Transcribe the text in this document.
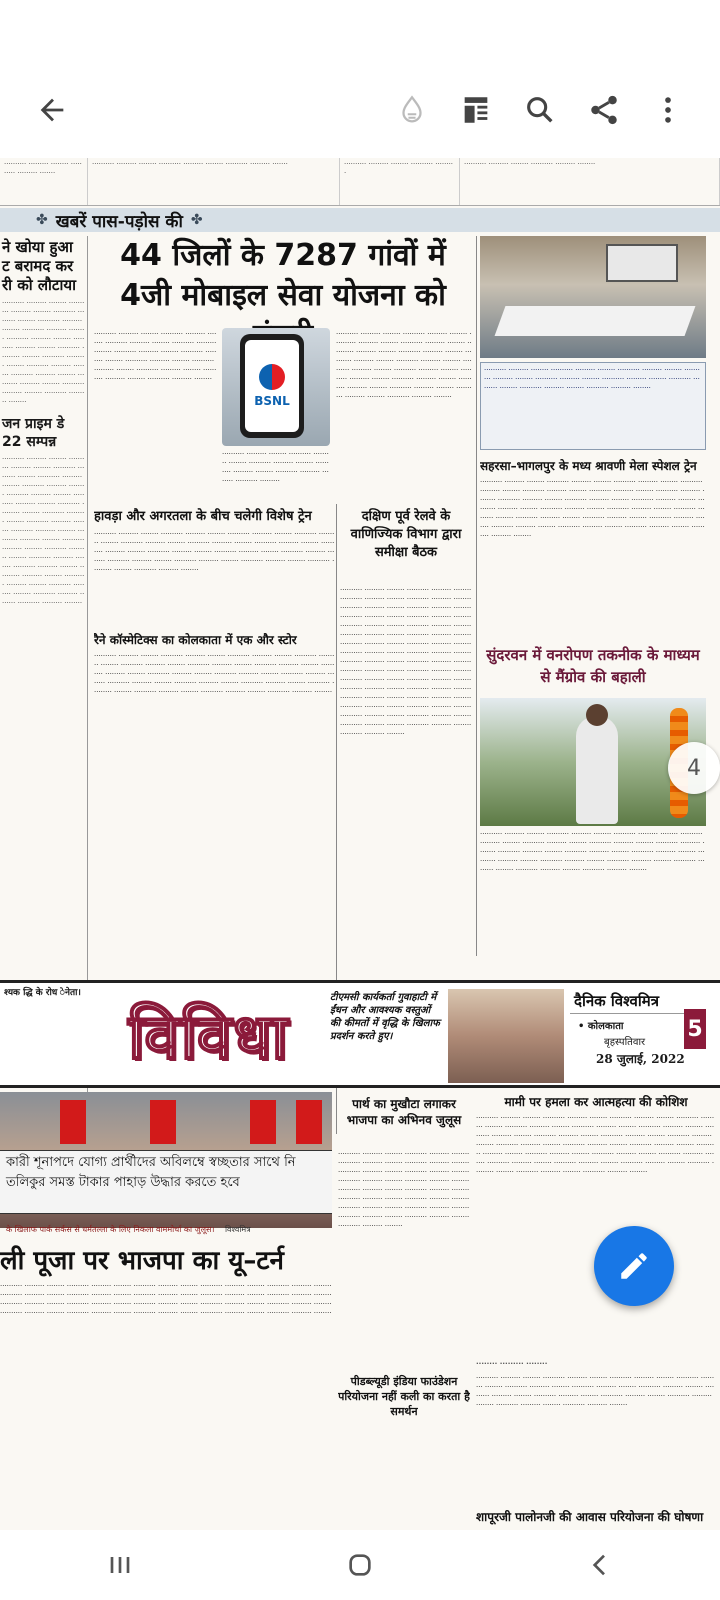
·········· ········· ········ ·········· ········· ·······
·········· ········· ········ ·········· ········· ········ ·········· ········· ·······	·········· ········· ········ ·········· ·········
·········· ········· ········ ·········· ········· ········
✤ खबरें पास-पड़ोस की ✤
ने खोया हुआ ट बरामद कर री को लौटाया
·········· ········· ········ ·········· ········· ········ ·········· ········· ········ ·········· ········· ········ ·········· ········· ········ ·········· ········· ········ ·········· ········· ········ ·········· ········· ········ ·········· ········· ········ ·········· ········· ········ ·········· ········· ········ ·········· ········· ········ ·········· ········· ········ ·········· ········· ········
जन प्राइम डे 22 सम्पन्न
·········· ········· ········ ·········· ········· ········ ·········· ········· ········ ·········· ········· ········ ·········· ········· ········ ·········· ········· ········ ·········· ········· ········ ·········· ········· ········ ·········· ········· ········ ·········· ········· ········ ·········· ········· ········ ·········· ········· ········ ·········· ········· ········ ·········· ········· ········ ·········· ········· ········ ·········· ········· ········ ·········· ········· ········ ·········· ········· ········ ·········· ········· ········ ·········· ········· ········ ·········· ········· ········
44 जिलों के 7287 गांवों में 4जी मोबाइल सेवा योजना को
·········· ········· ········ ·········· ········· ········ ·········· ········· ········ ·········· ········· ········ ·········· ········· ········ ·········· ········· ········ ·········· ········· ········ ·········· ········· ········ ·········· ········· ········ ·········· ········· ········ ·········· ········· ········
BSNL
·········· ········· ········ ·········· ········· ········ ·········· ········· ········ ·········· ········· ········ ·········· ········· ········ ·········· ·········
·········· ········· ········ ·········· ········· ········ ·········· ········· ········ ·········· ········· ········ ·········· ········· ········ ·········· ········· ········ ·········· ········· ········ ·········· ········· ········ ·········· ········· ········ ·········· ········· ········ ·········· ········· ········ ·········· ········· ········ ·········· ········· ········ ·········· ········· ········ ·········· ········· ········ ·········· ········· ········
हावड़ा और अगरतला के बीच चलेगी विशेष ट्रेन
·········· ········· ········ ·········· ········· ········ ·········· ········· ········ ·········· ········· ········ ·········· ········· ········ ·········· ········· ········ ·········· ········· ········ ·········· ········· ········ ·········· ········· ········ ·········· ········· ········ ·········· ········· ········ ·········· ········· ········ ·········· ········· ········ ·········· ········· ········ ·········· ········· ········ ·········· ········· ········
रैने कॉस्मेटिक्स का कोलकाता में एक और स्टोर
·········· ········· ········ ·········· ········· ········ ·········· ········· ········ ·········· ········· ········ ·········· ········· ········ ·········· ········· ········ ·········· ········· ········ ·········· ········· ········ ·········· ········· ········ ·········· ········· ········ ·········· ········· ········ ·········· ········· ········ ·········· ········· ········ ·········· ········· ········ ·········· ········· ········ ·········· ········· ········ ·········· ········· ········ ·········· ········· ········
दक्षिण पूर्व रेलवे के वाणिज्यिक विभाग द्वारा समीक्षा बैठक
·········· ········· ········ ·········· ········· ········ ·········· ········· ········ ·········· ········· ········ ·········· ········· ········ ·········· ········· ········ ·········· ········· ········ ·········· ········· ········ ·········· ········· ········ ·········· ········· ········ ·········· ········· ········ ·········· ········· ········ ·········· ········· ········ ·········· ········· ········ ·········· ········· ········ ·········· ········· ········ ·········· ········· ········ ·········· ········· ········ ·········· ········· ········ ·········· ········· ········ ·········· ········· ········ ·········· ········· ········ ·········· ········· ········ ·········· ········· ········ ·········· ········· ········ ·········· ········· ········ ·········· ········· ········ ·········· ········· ········ ·········· ········· ········ ·········· ········· ········ ·········· ········· ········ ·········· ········· ········ ·········· ········· ········
·········· ········· ········ ·········· ········· ········ ·········· ········· ········ ·········· ········· ········ ·········· ········· ········ ·········· ········· ········ ·········· ········· ········ ·········· ········· ········ ·········· ········· ········
सहरसा–भागलपुर के मध्य श्रावणी मेला स्पेशल ट्रेन
·········· ········· ········ ·········· ········· ········ ·········· ········· ········ ·········· ········· ········ ·········· ········· ········ ·········· ········· ········ ·········· ········· ········ ·········· ········· ········ ·········· ········· ········ ·········· ········· ········ ·········· ········· ········ ·········· ········· ········ ·········· ········· ········ ·········· ········· ········ ·········· ········· ········ ·········· ········· ········ ·········· ········· ········ ·········· ········· ········ ·········· ········· ········ ·········· ········· ········ ·········· ········· ········
सुंदरवन में वनरोपण तकनीक के माध्यम से मैंग्रोव की बहाली
·········· ········· ········ ·········· ········· ········ ·········· ········· ········ ·········· ········· ········ ·········· ········· ········ ·········· ········· ········ ·········· ········· ········ ·········· ········· ········ ·········· ········· ········ ·········· ········· ········ ·········· ········· ········ ·········· ········· ········ ·········· ········· ········ ·········· ········· ········ ·········· ········· ········ ·········· ········· ········
4
श्यक द्धि के रोध ेनेता।
विविधा
टीएमसी कार्यकर्ता गुवाहाटी में ईंधन और आवश्यक वस्तुओं की कीमतों में वृद्धि के खिलाफ प्रदर्शन करते हुए।
दैनिक विश्वमित्र
• कोलकाता
बृहस्पतिवार
28 जुलाई, 2022
5
কারী শূনাপদে যোগ্য প্রার্থীদের অবিলম্বে স্বচ্ছতার সাথে নি
তলিকুর সমস্ত টাকার পাহাড় উদ্ধার করতে হবে
के खिलाफ पार्क सर्कस से धर्मतल्ला के लिए निकला वाममोर्चा का जुलूस। विश्वमित्र
पार्थ का मुखौटा लगाकर भाजपा का अभिनव जुलूस
·········· ········· ········ ·········· ········· ········ ·········· ········· ········ ·········· ········· ········ ·········· ········· ········ ·········· ········· ········ ·········· ········· ········ ·········· ········· ········ ·········· ········· ········ ·········· ········· ········ ·········· ········· ········ ·········· ········· ········ ·········· ········· ········ ·········· ········· ········ ·········· ········· ········ ·········· ········· ········ ·········· ········· ········
मामी पर हमला कर आत्महत्या की कोशिश
·········· ········· ········ ·········· ········· ········ ·········· ········· ········ ·········· ········· ········ ·········· ········· ········ ·········· ········· ········ ·········· ········· ········ ·········· ········· ········ ·········· ········· ········ ·········· ········· ········ ·········· ········· ········ ·········· ········· ········ ·········· ········· ········ ·········· ········· ········ ·········· ········· ········ ·········· ········· ········ ·········· ········· ········ ·········· ········· ········ ·········· ········· ········ ·········· ········· ········ ·········· ········· ········ ·········· ········· ········ ·········· ········· ········ ·········· ········· ········
ली पूजा पर भाजपा का यू–टर्न
·········· ········· ········ ·········· ········· ········ ·········· ········· ········ ·········· ········· ········ ·········· ········· ········ ·········· ········· ········ ·········· ········· ········ ·········· ········· ········ ·········· ········· ········ ·········· ········· ········ ·········· ········· ········ ·········· ········· ········ ·········· ········· ········ ·········· ········· ········ ·········· ········· ········ ·········· ········· ········ ·········· ········· ········ ·········· ········· ········ ·········· ········· ········ ·········· ········· ········
पीडब्ल्यूडी इंडिया फाउंडेशन परियोजना नहीं कली का करता है समर्थन
········ ········· ········
·········· ········· ········ ·········· ········· ········ ·········· ········· ········ ·········· ········· ········ ·········· ········· ········ ·········· ········· ········ ·········· ········· ········ ·········· ········· ········ ·········· ········· ········ ·········· ········· ········ ·········· ········· ········ ·········· ········· ········ ·········· ········· ········
शापूरजी पालोनजी की आवास परियोजना की घोषणा
